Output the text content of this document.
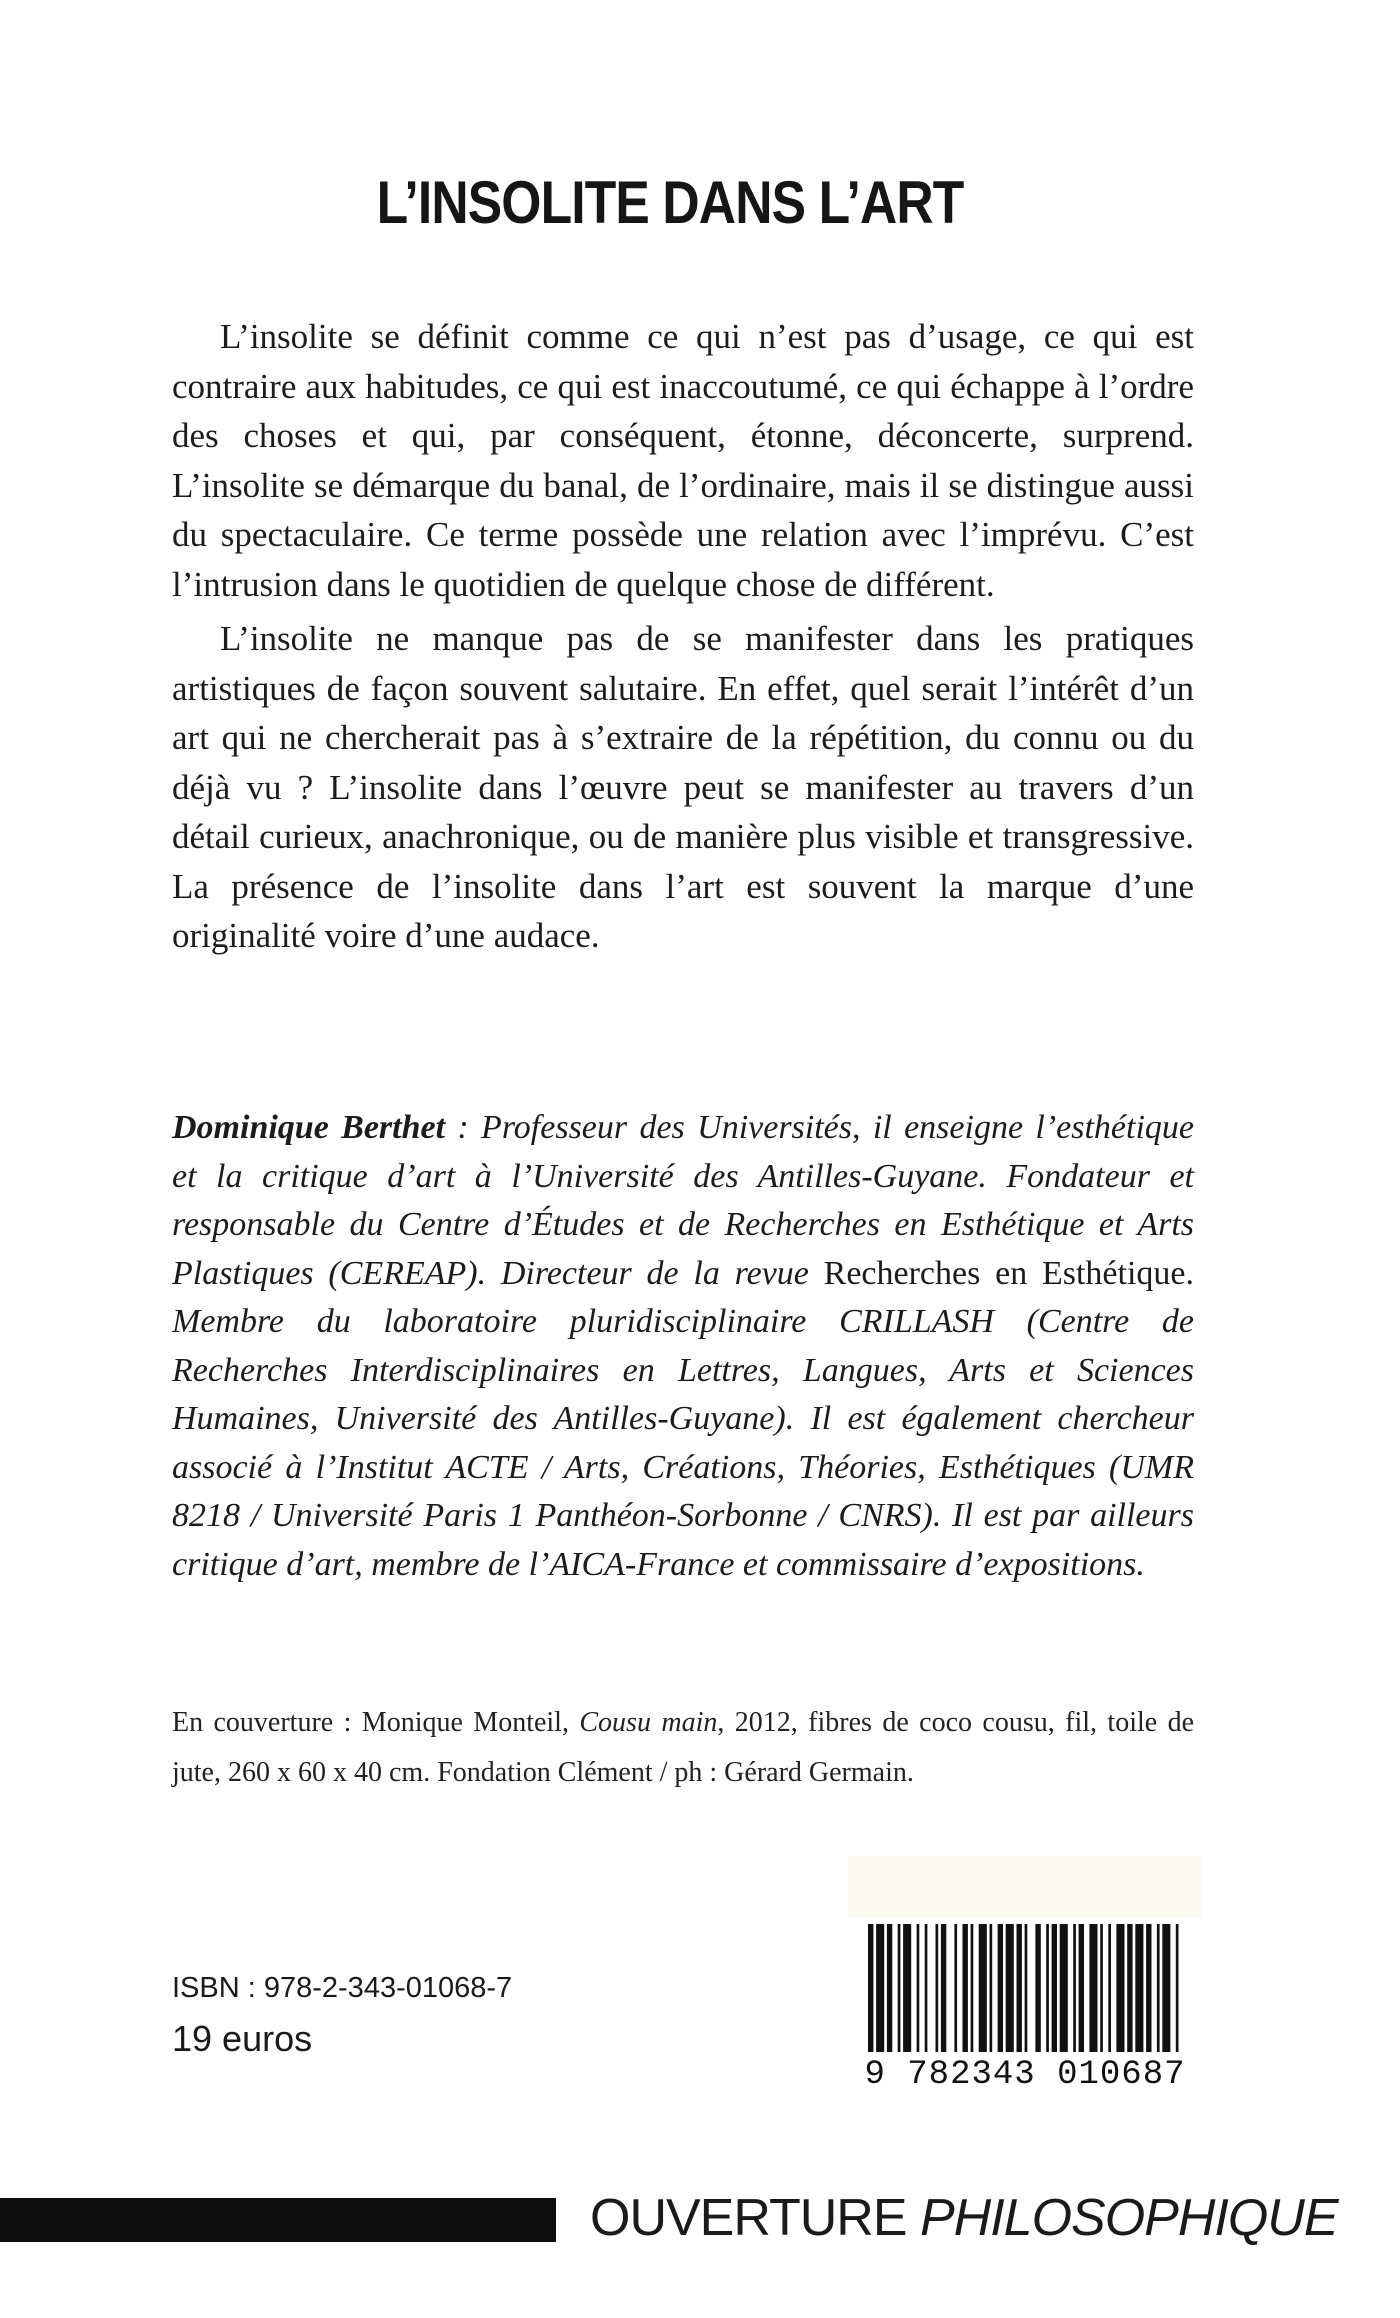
L’INSOLITE DANS L’ART

L’insolite se définit comme ce qui n’est pas d’usage, ce qui est contraire aux habitudes, ce qui est inaccoutumé, ce qui échappe à l’ordre des choses et qui, par conséquent, étonne, déconcerte, surprend. L’insolite se démarque du banal, de l’ordinaire, mais il se distingue aussi du spectaculaire. Ce terme possède une relation avec l’imprévu. C’est l’intrusion dans le quotidien de quelque chose de différent.

L’insolite ne manque pas de se manifester dans les pratiques artistiques de façon souvent salutaire. En effet, quel serait l’intérêt d’un art qui ne chercherait pas à s’extraire de la répétition, du connu ou du déjà vu ? L’insolite dans l’œuvre peut se manifester au travers d’un détail curieux, anachronique, ou de manière plus visible et transgressive. La présence de l’insolite dans l’art est souvent la marque d’une originalité voire d’une audace.

Dominique Berthet : Professeur des Universités, il enseigne l’esthétique et la critique d’art à l’Université des Antilles-Guyane. Fondateur et responsable du Centre d’Études et de Recherches en Esthétique et Arts Plastiques (CEREAP). Directeur de la revue Recherches en Esthétique. Membre du laboratoire pluridisciplinaire CRILLASH (Centre de Recherches Interdisciplinaires en Lettres, Langues, Arts et Sciences Humaines, Université des Antilles-Guyane). Il est également chercheur associé à l’Institut ACTE / Arts, Créations, Théories, Esthétiques (UMR 8218 / Université Paris 1 Panthéon-Sorbonne / CNRS). Il est par ailleurs critique d’art, membre de l’AICA-France et commissaire d’expositions.
En couverture : Monique Monteil, Cousu main, 2012, fibres de coco cousu, fil, toile de jute, 260 x 60 x 40 cm. Fondation Clément / ph : Gérard Germain.
ISBN : 978-2-343-01068-7
19 euros
9 782343 010687
OUVERTURE PHILOSOPHIQUE
